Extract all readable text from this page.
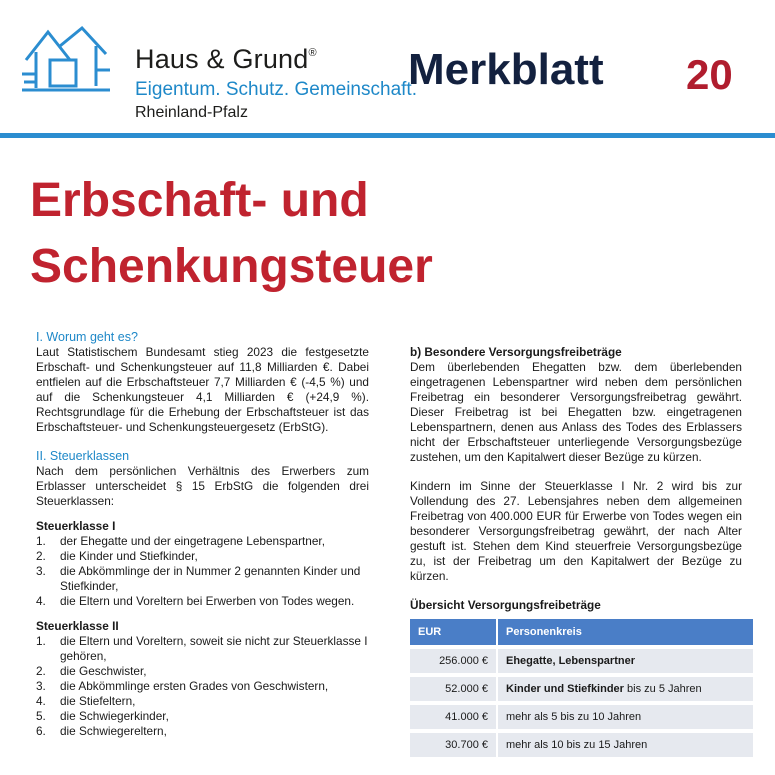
Haus & Grund®
Eigentum. Schutz. Gemeinschaft.
Rheinland-Pfalz
Merkblatt 20
Erbschaft- und
Schenkungsteuer
I. Worum geht es?

Laut Statistischem Bundesamt stieg 2023 die festgesetzte Erbschaft- und Schenkungsteuer auf 11,8 Milliarden €. Dabei entfielen auf die Erbschaftsteuer 7,7 Milliarden € (-4,5 %) und auf die Schenkungsteuer 4,1 Milliarden € (+24,9 %). Rechtsgrundlage für die Erhebung der Erbschaftsteuer ist das Erbschaftsteuer- und Schenkungsteuergesetz (ErbStG).

II. Steuerklassen

Nach dem persönlichen Verhältnis des Erwerbers zum Erblasser unterscheidet § 15 ErbStG die folgenden drei Steuerklassen:

Steuerklasse I
1. der Ehegatte und der eingetragene Lebenspartner,
2. die Kinder und Stiefkinder,
3. die Abkömmlinge der in Nummer 2 genannten Kinder und Stiefkinder,
4. die Eltern und Voreltern bei Erwerben von Todes wegen.
Steuerklasse II
1. die Eltern und Voreltern, soweit sie nicht zur Steuerklasse I gehören,
2. die Geschwister,
3. die Abkömmlinge ersten Grades von Geschwistern,
4. die Stiefeltern,
5. die Schwiegerkinder,
6. die Schwiegereltern,
b) Besondere Versorgungsfreibeträge

Dem überlebenden Ehegatten bzw. dem überlebenden eingetragenen Lebenspartner wird neben dem persönlichen Freibetrag ein besonderer Versorgungsfreibetrag gewährt. Dieser Freibetrag ist bei Ehegatten bzw. eingetragenen Lebenspartnern, denen aus Anlass des Todes des Erblassers nicht der Erbschaftsteuer unterliegende Versorgungsbezüge zustehen, um den Kapitalwert dieser Bezüge zu kürzen.

Kindern im Sinne der Steuerklasse I Nr. 2 wird bis zur Vollendung des 27. Lebensjahres neben dem allgemeinen Freibetrag von 400.000 EUR für Erwerbe von Todes wegen ein besonderer Versorgungsfreibetrag gewährt, der nach Alter gestuft ist. Stehen dem Kind steuerfreie Versorgungsbezüge zu, ist der Freibetrag um den Kapitalwert der Bezüge zu kürzen.

Übersicht Versorgungsfreibeträge
EUR	Personenkreis
256.000 €	Ehegatte, Lebenspartner
52.000 €	Kinder und Stiefkinder bis zu 5 Jahren
41.000 €	mehr als 5 bis zu 10 Jahren
30.700 €	mehr als 10 bis zu 15 Jahren
